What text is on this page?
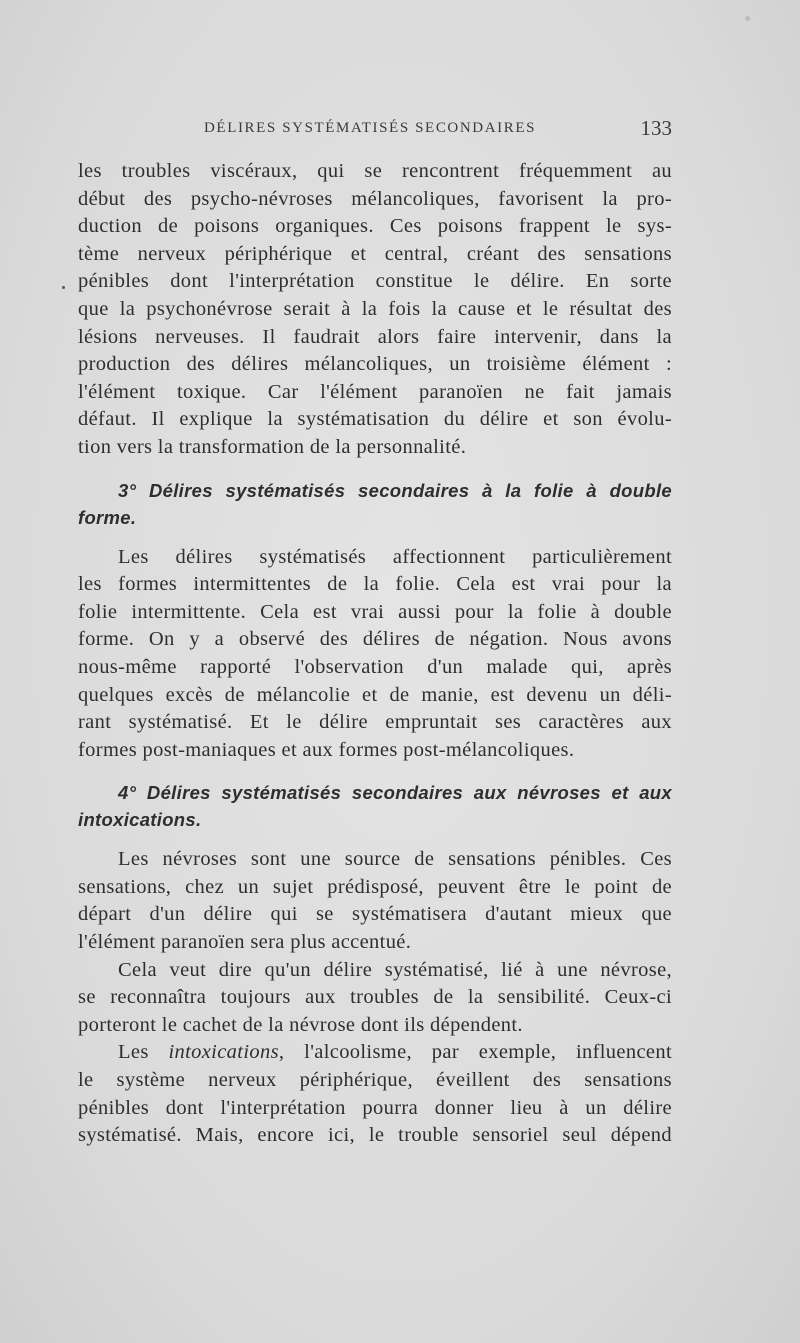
DÉLIRES SYSTÉMATISÉS SECONDAIRES	133
les troubles viscéraux, qui se rencontrent fréquemment au
début des psycho-névroses mélancoliques, favorisent la pro-
duction de poisons organiques. Ces poisons frappent le sys-
tème nerveux périphérique et central, créant des sensations
pénibles dont l'interprétation constitue le délire. En sorte
que la psychonévrose serait à la fois la cause et le résultat des
lésions nerveuses. Il faudrait alors faire intervenir, dans la
production des délires mélancoliques, un troisième élément :
l'élément toxique. Car l'élément paranoïen ne fait jamais
défaut. Il explique la systématisation du délire et son évolu-
tion vers la transformation de la personnalité.
3° Délires systématisés secondaires à la folie à double
forme.
Les délires systématisés affectionnent particulièrement
les formes intermittentes de la folie. Cela est vrai pour la
folie intermittente. Cela est vrai aussi pour la folie à double
forme. On y a observé des délires de négation. Nous avons
nous-même rapporté l'observation d'un malade qui, après
quelques excès de mélancolie et de manie, est devenu un déli-
rant systématisé. Et le délire empruntait ses caractères aux
formes post-maniaques et aux formes post-mélancoliques.
4° Délires systématisés secondaires aux névroses et aux
intoxications.
Les névroses sont une source de sensations pénibles. Ces
sensations, chez un sujet prédisposé, peuvent être le point de
départ d'un délire qui se systématisera d'autant mieux que
l'élément paranoïen sera plus accentué.
Cela veut dire qu'un délire systématisé, lié à une névrose,
se reconnaîtra toujours aux troubles de la sensibilité. Ceux-ci
porteront le cachet de la névrose dont ils dépendent.
Les intoxications, l'alcoolisme, par exemple, influencent
le système nerveux périphérique, éveillent des sensations
pénibles dont l'interprétation pourra donner lieu à un délire
systématisé. Mais, encore ici, le trouble sensoriel seul dépend
